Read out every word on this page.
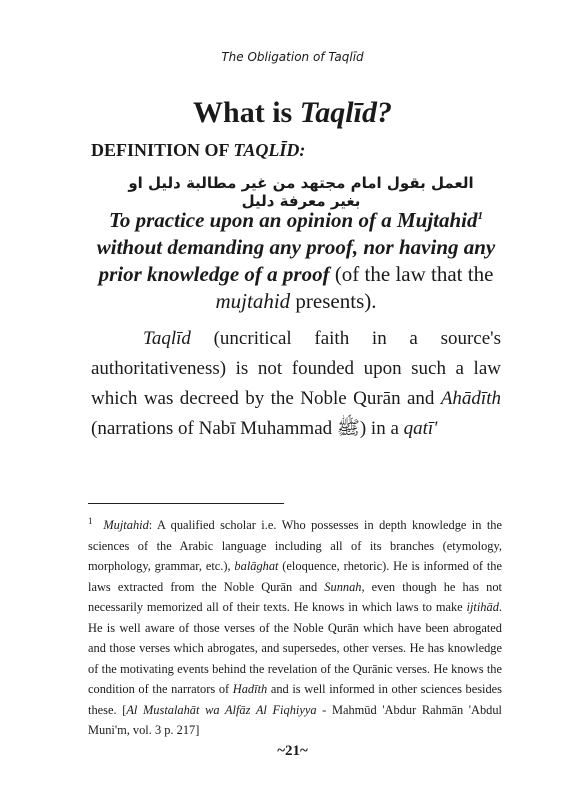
The Obligation of Taqlīd
What is Taqlīd?
DEFINITION OF TAQLĪD:
العمل بقول امام مجتهد من غير مطالبة دليل او بغير معرفة دليل
To practice upon an opinion of a Mujtahid$^1$ without demanding any proof, nor having any prior knowledge of a proof (of the law that the mujtahid presents).
Taqlīd (uncritical faith in a source's authoritativeness) is not founded upon such a law which was decreed by the Noble Qurān and Ahādīth (narrations of Nabī Muhammad ﷺ) in a qatī'
$^1$ Mujtahid: A qualified scholar i.e. Who possesses in depth knowledge in the sciences of the Arabic language including all of its branches (etymology, morphology, grammar, etc.), balāghat (eloquence, rhetoric). He is informed of the laws extracted from the Noble Qurān and Sunnah, even though he has not necessarily memorized all of their texts. He knows in which laws to make ijtihād. He is well aware of those verses of the Noble Qurān which have been abrogated and those verses which abrogates, and supersedes, other verses. He has knowledge of the motivating events behind the revelation of the Qurānic verses. He knows the condition of the narrators of Hadīth and is well informed in other sciences besides these. [Al Mustalahāt wa Alfāz Al Fiqhiyya - Mahmūd 'Abdur Rahmān 'Abdul Muni'm, vol. 3 p. 217]
~21~
